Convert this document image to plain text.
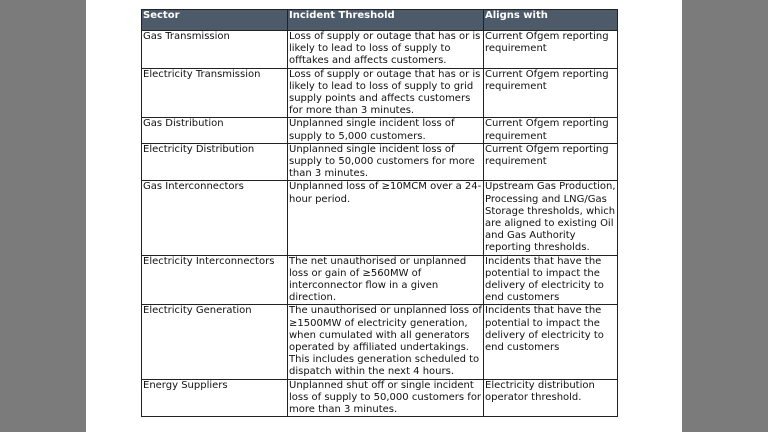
Sector	Incident Threshold	Aligns with
Gas Transmission	Loss of supply or outage that has or is likely to lead to loss of supply to offtakes and affects customers.	Current Ofgem reporting requirement
Electricity Transmission	Loss of supply or outage that has or is likely to lead to loss of supply to grid supply points and affects customers for more than 3 minutes.	Current Ofgem reporting requirement
Gas Distribution	Unplanned single incident loss of supply to 5,000 customers.	Current Ofgem reporting requirement
Electricity Distribution	Unplanned single incident loss of supply to 50,000 customers for more than 3 minutes.	Current Ofgem reporting requirement
Gas Interconnectors	Unplanned loss of ≥10MCM over a 24-hour period.	Upstream Gas Production, Processing and LNG/Gas Storage thresholds, which are aligned to existing Oil and Gas Authority reporting thresholds.
Electricity Interconnectors	The net unauthorised or unplanned loss or gain of ≥560MW of interconnector flow in a given direction.	Incidents that have the potential to impact the delivery of electricity to end customers
Electricity Generation	The unauthorised or unplanned loss of ≥1500MW of electricity generation, when cumulated with all generators operated by affiliated undertakings. This includes generation scheduled to dispatch within the next 4 hours.	Incidents that have the potential to impact the delivery of electricity to end customers
Energy Suppliers	Unplanned shut off or single incident loss of supply to 50,000 customers for more than 3 minutes.	Electricity distribution operator threshold.
